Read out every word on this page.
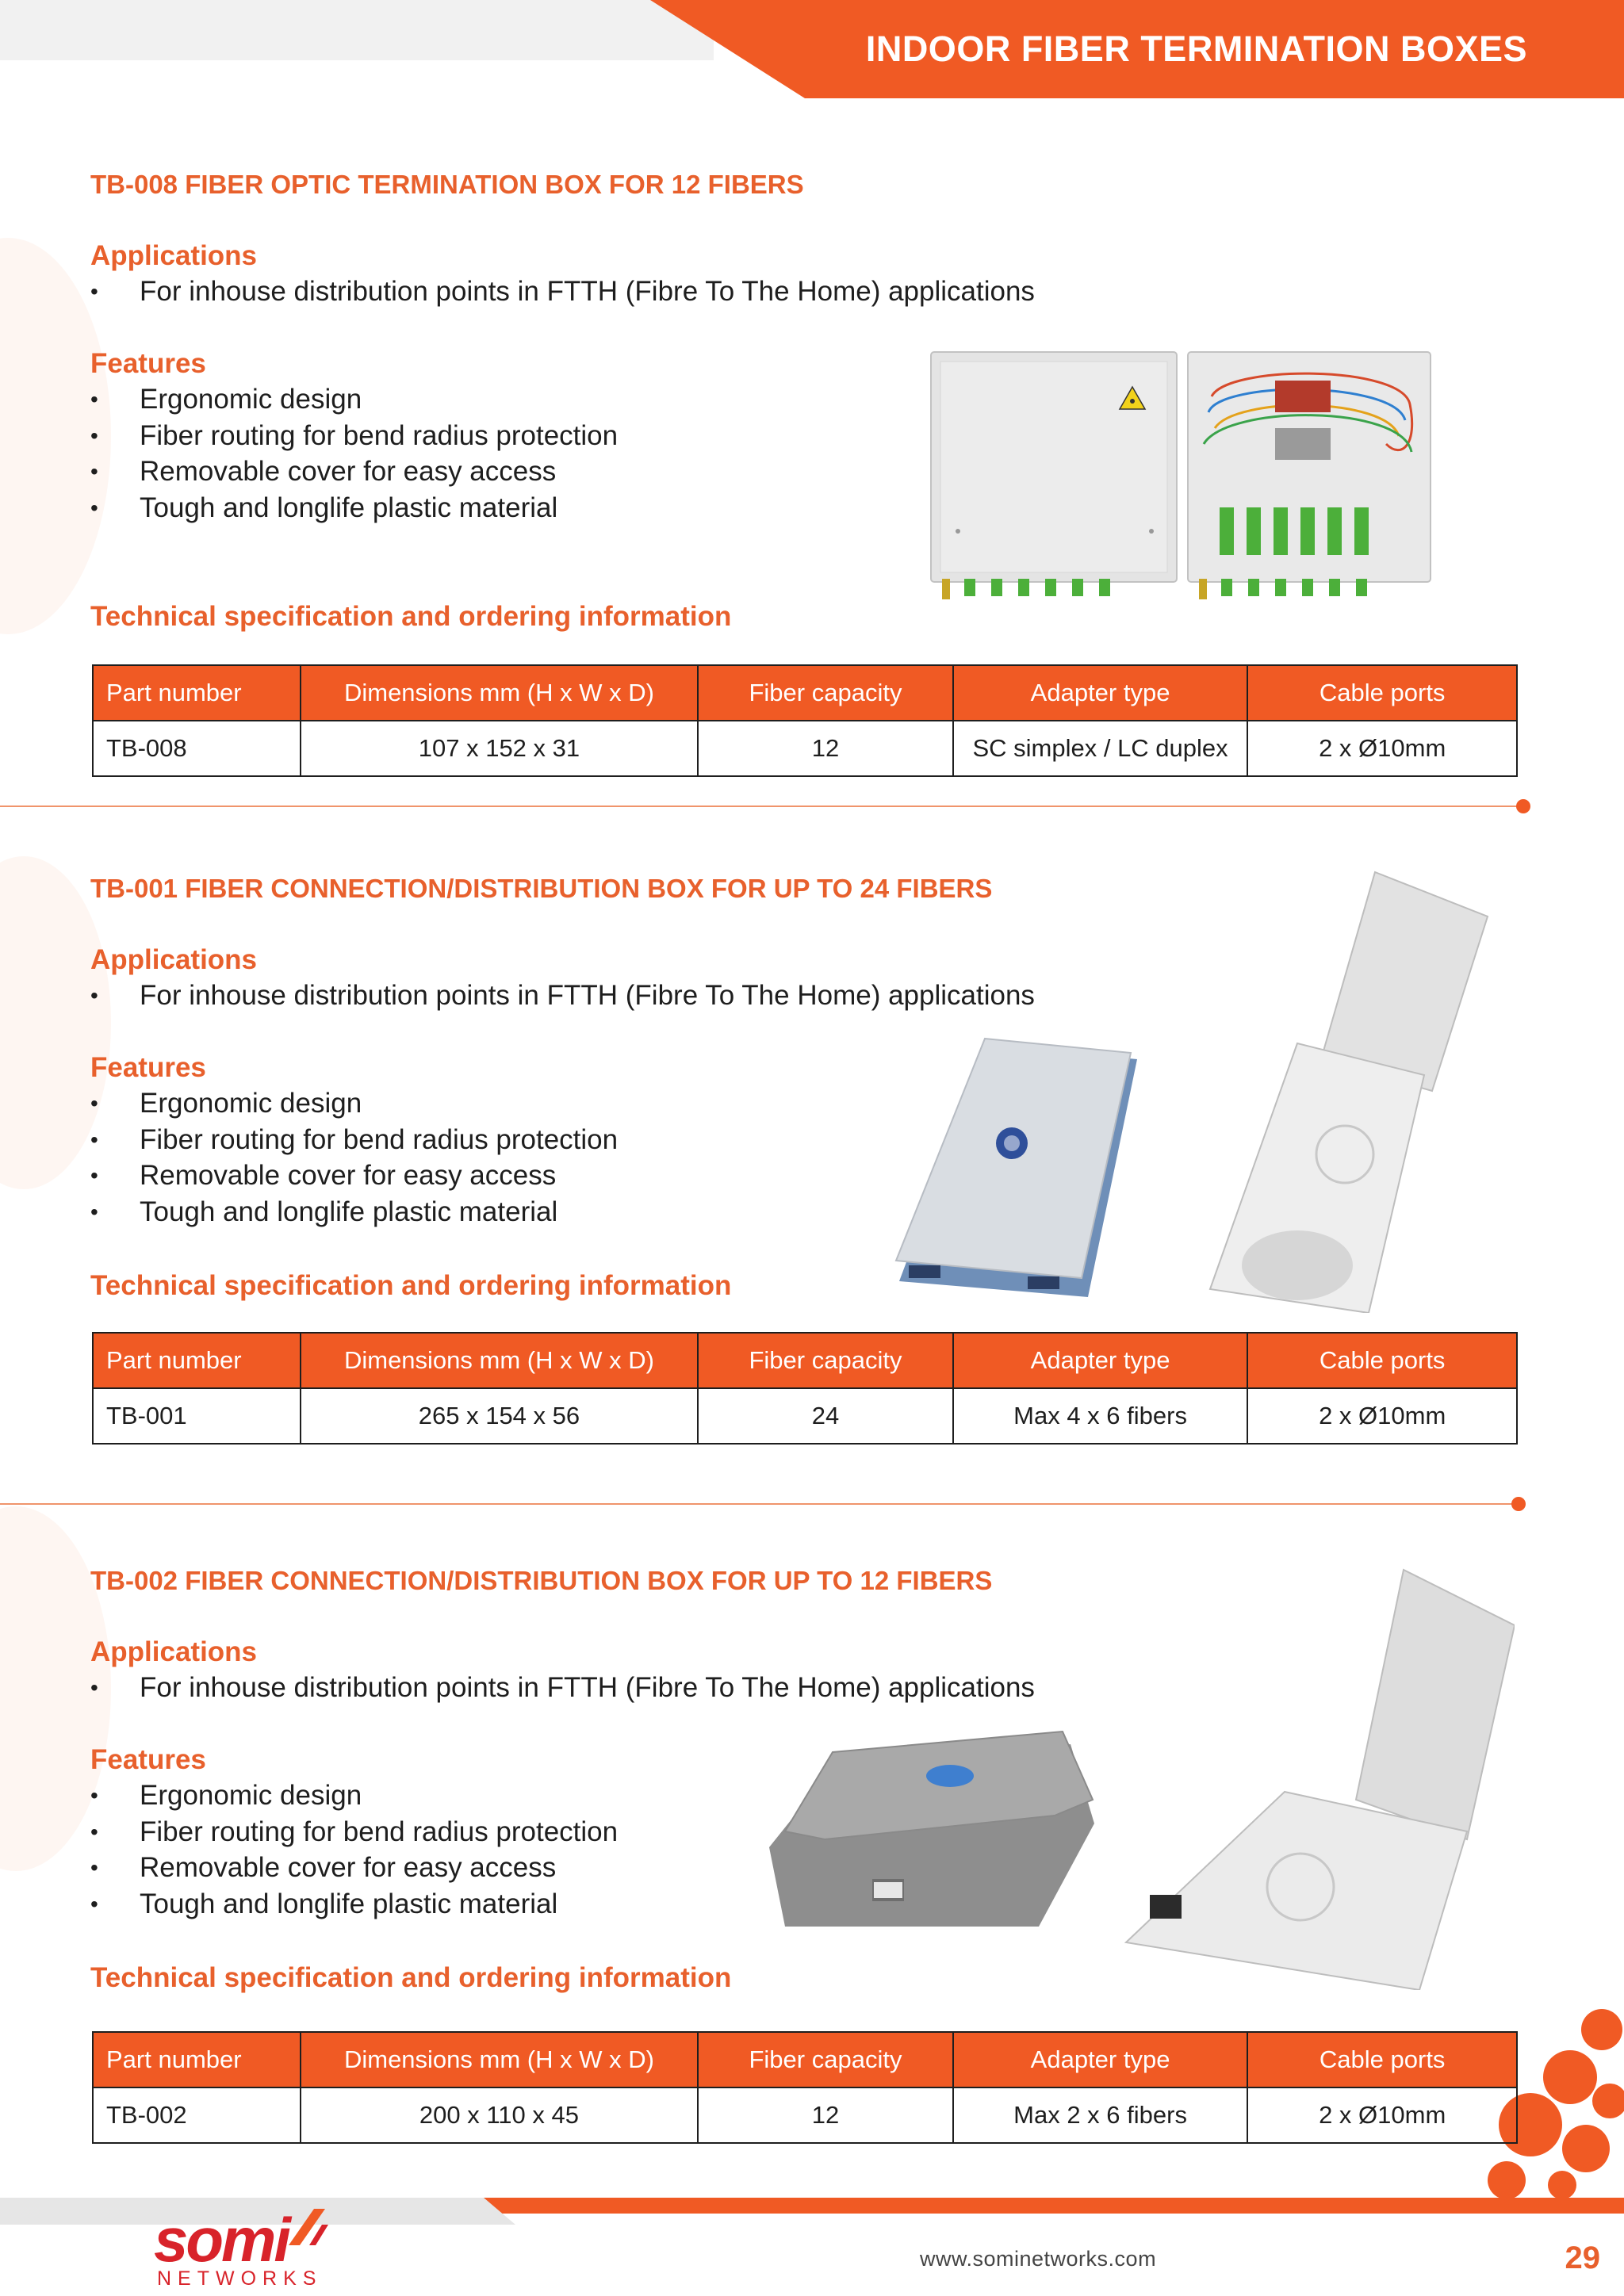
INDOOR FIBER TERMINATION BOXES
TB-008 FIBER OPTIC TERMINATION BOX FOR 12 FIBERS
Applications
• For inhouse distribution points in FTTH (Fibre To The Home) applications
Features
• Ergonomic design
• Fiber routing for bend radius protection
• Removable cover for easy access
• Tough and longlife plastic material
Technical specification and ordering information
Part number	Dimensions mm (H x W x D)	Fiber capacity	Adapter type	Cable ports
TB-008	107 x 152 x 31	12	SC simplex / LC duplex	2 x Ø10mm
TB-001 FIBER CONNECTION/DISTRIBUTION BOX FOR UP TO 24 FIBERS
Applications
• For inhouse distribution points in FTTH (Fibre To The Home) applications
Features
• Ergonomic design
• Fiber routing for bend radius protection
• Removable cover for easy access
• Tough and longlife plastic material
Technical specification and ordering information
Part number	Dimensions mm (H x W x D)	Fiber capacity	Adapter type	Cable ports
TB-001	265 x 154 x 56	24	Max 4 x 6 fibers	2 x Ø10mm
TB-002 FIBER CONNECTION/DISTRIBUTION BOX FOR UP TO 12 FIBERS
Applications
• For inhouse distribution points in FTTH (Fibre To The Home) applications
Features
• Ergonomic design
• Fiber routing for bend radius protection
• Removable cover for easy access
• Tough and longlife plastic material
Technical specification and ordering information
Part number	Dimensions mm (H x W x D)	Fiber capacity	Adapter type	Cable ports
TB-002	200 x 110 x 45	12	Max 2 x 6 fibers	2 x Ø10mm
somi
NETWORKS
www.sominetworks.com	29
